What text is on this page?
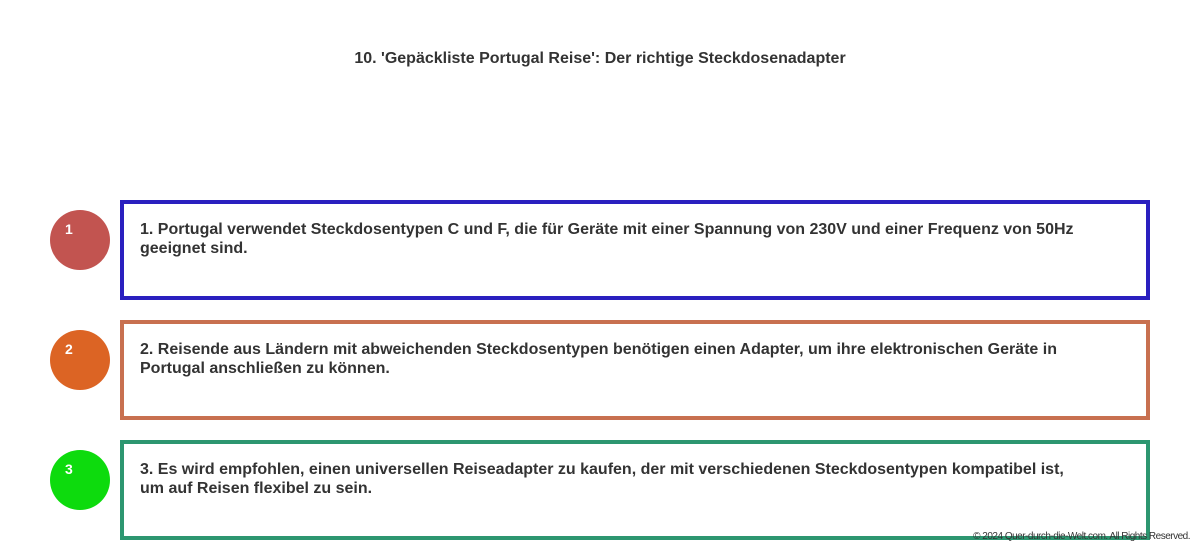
10. 'Gepäckliste Portugal Reise': Der richtige Steckdosenadapter
1	1. Portugal verwendet Steckdosentypen C und F, die für Geräte mit einer Spannung von 230V und einer Frequenz von 50Hz geeignet sind.
2	2. Reisende aus Ländern mit abweichenden Steckdosentypen benötigen einen Adapter, um ihre elektronischen Geräte in Portugal anschließen zu können.
3	3. Es wird empfohlen, einen universellen Reiseadapter zu kaufen, der mit verschiedenen Steckdosentypen kompatibel ist, um auf Reisen flexibel zu sein.
© 2024 Quer-durch-die-Welt.com. All Rights Reserved.
